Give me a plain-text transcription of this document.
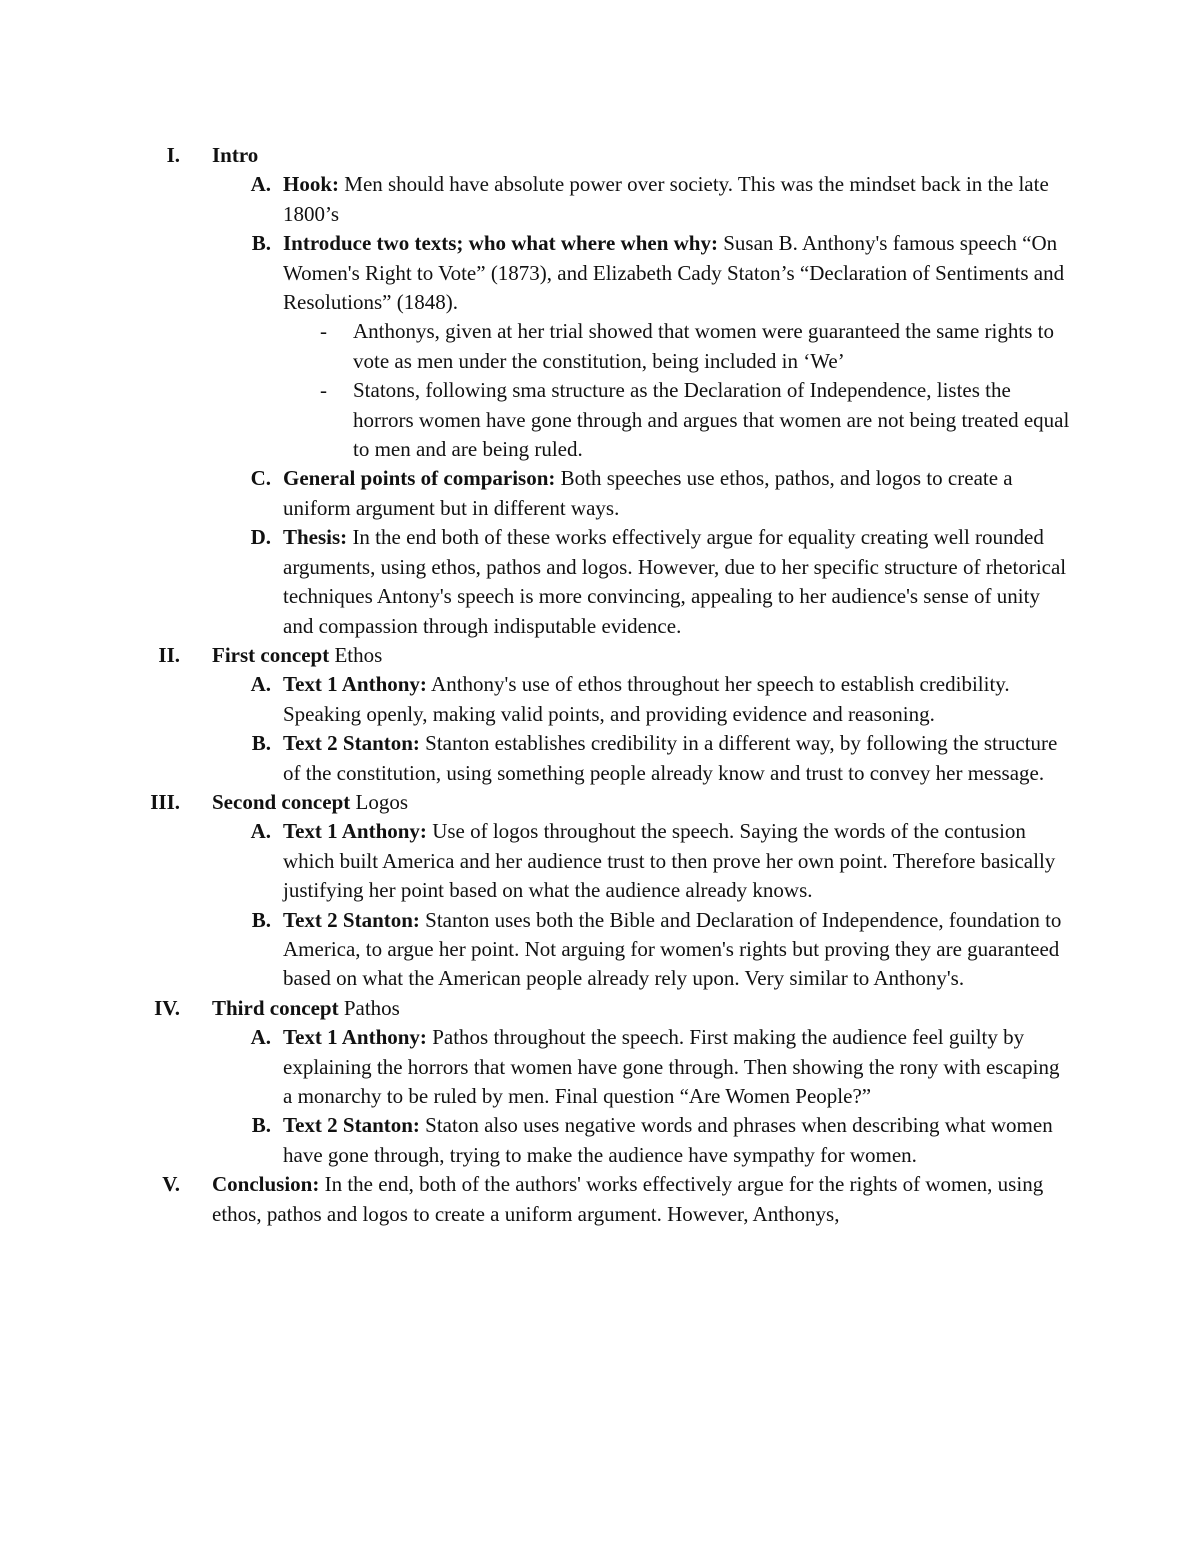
I. Intro
A. Hook: Men should have absolute power over society. This was the mindset back in the late 1800’s
B. Introduce two texts; who what where when why: Susan B. Anthony's famous speech “On Women's Right to Vote” (1873), and Elizabeth Cady Staton’s “Declaration of Sentiments and Resolutions” (1848).
- Anthonys, given at her trial showed that women were guaranteed the same rights to vote as men under the constitution, being included in ‘We’
- Statons, following sma structure as the Declaration of Independence, listes the horrors women have gone through and argues that women are not being treated equal to men and are being ruled.
C. General points of comparison: Both speeches use ethos, pathos, and logos to create a uniform argument but in different ways.
D. Thesis: In the end both of these works effectively argue for equality creating well rounded arguments, using ethos, pathos and logos. However, due to her specific structure of rhetorical techniques Antony's speech is more convincing, appealing to her audience's sense of unity and compassion through indisputable evidence.
II. First concept Ethos
A. Text 1 Anthony: Anthony's use of ethos throughout her speech to establish credibility. Speaking openly, making valid points, and providing evidence and reasoning.
B. Text 2 Stanton: Stanton establishes credibility in a different way, by following the structure of the constitution, using something people already know and trust to convey her message.
III. Second concept Logos
A. Text 1 Anthony: Use of logos throughout the speech. Saying the words of the contusion which built America and her audience trust to then prove her own point. Therefore basically justifying her point based on what the audience already knows.
B. Text 2 Stanton: Stanton uses both the Bible and Declaration of Independence, foundation to America, to argue her point. Not arguing for women's rights but proving they are guaranteed based on what the American people already rely upon. Very similar to Anthony's.
IV. Third concept Pathos
A. Text 1 Anthony: Pathos throughout the speech. First making the audience feel guilty by explaining the horrors that women have gone through. Then showing the rony with escaping a monarchy to be ruled by men. Final question “Are Women People?”
B. Text 2 Stanton: Staton also uses negative words and phrases when describing what women have gone through, trying to make the audience have sympathy for women.
V. Conclusion: In the end, both of the authors' works effectively argue for the rights of women, using ethos, pathos and logos to create a uniform argument. However, Anthonys,
